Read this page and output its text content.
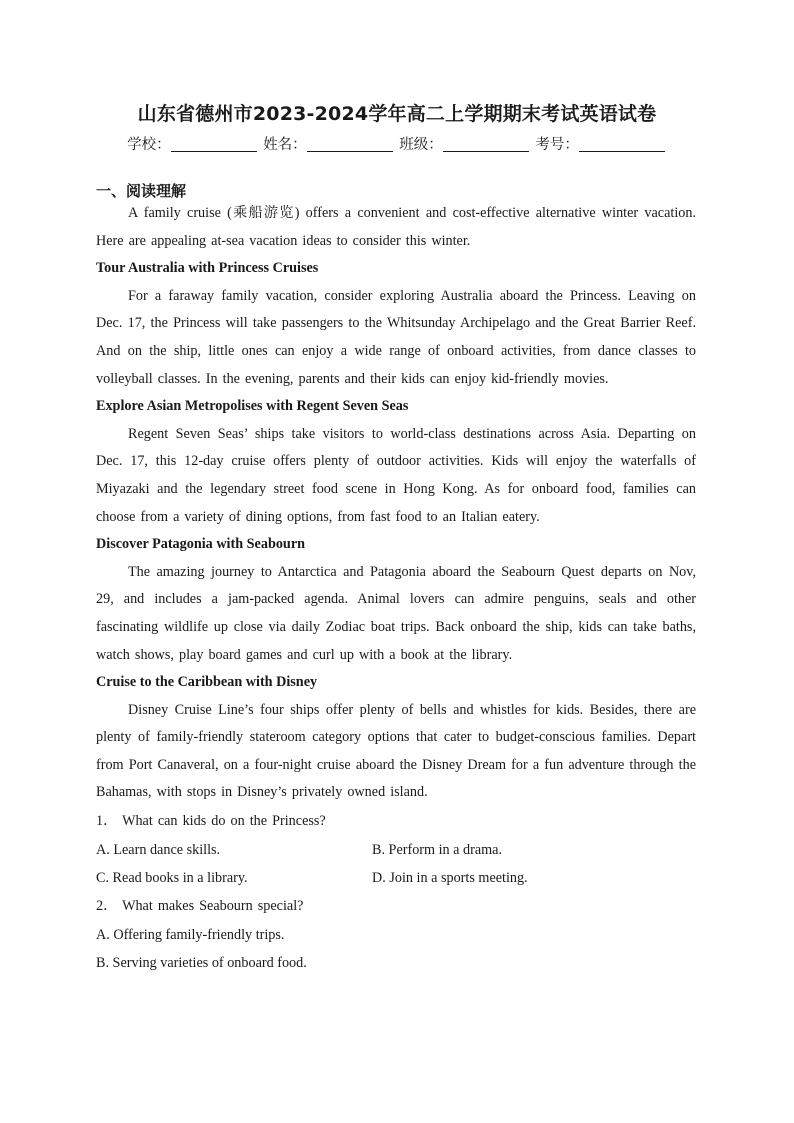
山东省德州市2023-2024学年高二上学期期末考试英语试卷
学校：	姓名：	班级：	考号：
一、阅读理解

A family cruise (乘船游览) offers a convenient and cost-effective alternative winter vacation. Here are appealing at-sea vacation ideas to consider this winter.

Tour Australia with Princess Cruises

For a faraway family vacation, consider exploring Australia aboard the Princess. Leaving on Dec. 17, the Princess will take passengers to the Whitsunday Archipelago and the Great Barrier Reef. And on the ship, little ones can enjoy a wide range of onboard activities, from dance classes to volleyball classes. In the evening, parents and their kids can enjoy kid-friendly movies.

Explore Asian Metropolises with Regent Seven Seas

Regent Seven Seas’ ships take visitors to world-class destinations across Asia. Departing on Dec. 17, this 12-day cruise offers plenty of outdoor activities. Kids will enjoy the waterfalls of Miyazaki and the legendary street food scene in Hong Kong. As for onboard food, families can choose from a variety of dining options, from fast food to an Italian eatery.

Discover Patagonia with Seabourn

The amazing journey to Antarctica and Patagonia aboard the Seabourn Quest departs on Nov, 29, and includes a jam-packed agenda. Animal lovers can admire penguins, seals and other fascinating wildlife up close via daily Zodiac boat trips. Back onboard the ship, kids can take baths, watch shows, play board games and curl up with a book at the library.

Cruise to the Caribbean with Disney

Disney Cruise Line’s four ships offer plenty of bells and whistles for kids. Besides, there are plenty of family-friendly stateroom category options that cater to budget-conscious families. Depart from Port Canaveral, on a four-night cruise aboard the Disney Dream for a fun adventure through the Bahamas, with stops in Disney’s privately owned island.

1． What can kids do on the Princess?

A. Learn dance skills.	B. Perform in a drama.
C. Read books in a library.	D. Join in a sports meeting.

2． What makes Seabourn special?

A. Offering family-friendly trips.
B. Serving varieties of onboard food.
